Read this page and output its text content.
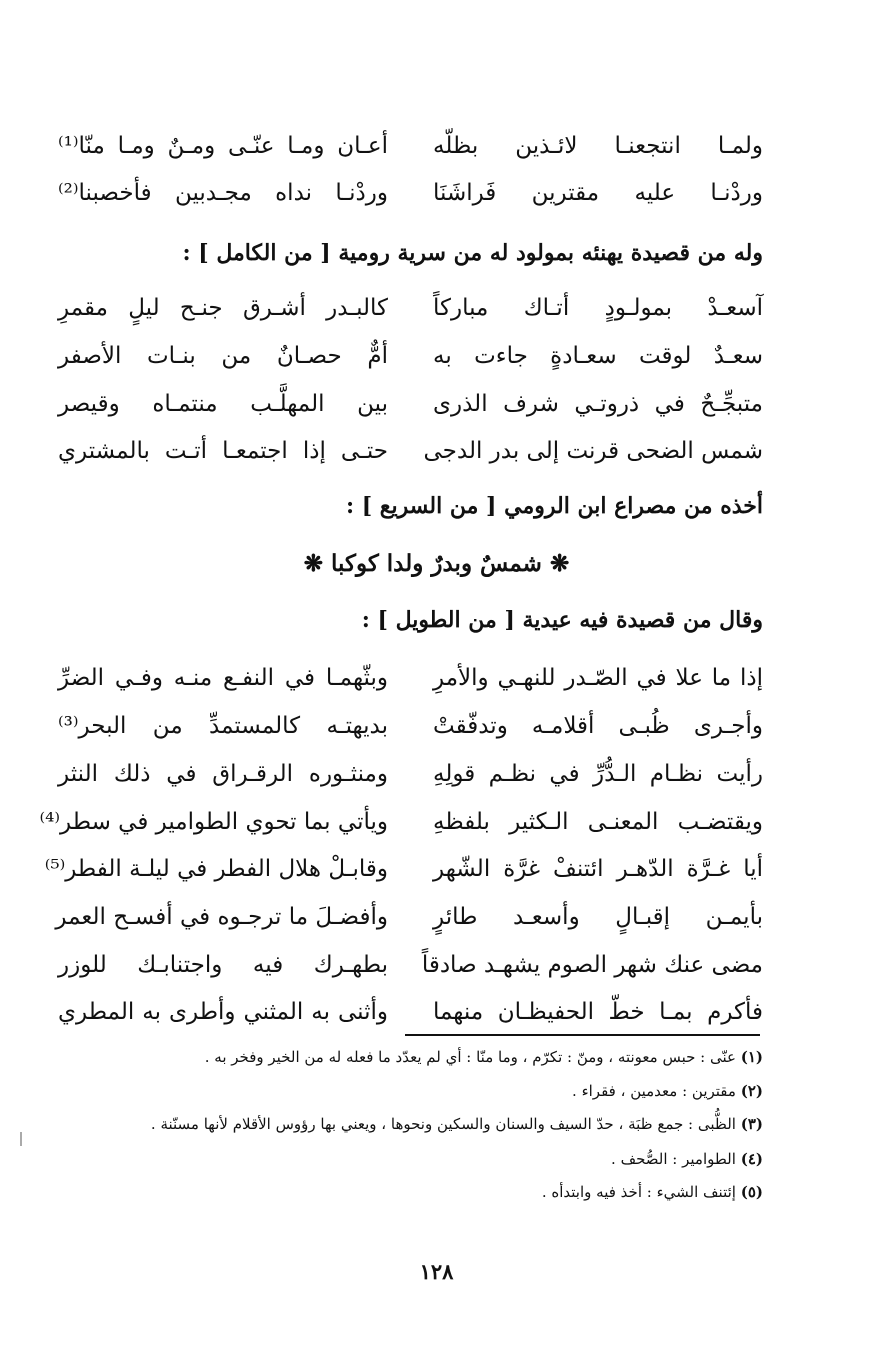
ولمـا انتجعنـا لائـذين بظلّه
أعـان ومـا عنّـى ومـنٌ ومـا منّا⁽¹⁾
وردْنـا عليه مقترين فَراشَنَا
وردْنـا نداه مجـدبين فأخصبنا⁽²⁾
وله من قصيدة يهنئه بمولود له من سرية رومية [ من الكامل ] :
آسعـدْ بمولـودٍ أتـاك مباركاً
كالبـدر أشـرق جنـح ليلٍ مقمرِ
سعـدٌ لوقت سعـادةٍ جاءت به
أمٌّ حصـانٌ من بنـات الأصفر
متبجِّـحٌ في ذروتـي شرف الذرى
بين المهلَّـب منتمـاه وقيصر
شمس الضحى قرنت إلى بدر الدجى
حتـى إذا اجتمعـا أتـت بالمشتري
أخذه من مصراع ابن الرومي [ من السريع ] :
❋ شمسٌ وبدرٌ ولدا كوكبا ❋
وقال من قصيدة فيه عيدية [ من الطويل ] :
إذا ما علا في الصّـدر للنهـي والأمرِ
وبثّهمـا في النفـع منـه وفـي الضرِّ
وأجـرى ظُبـى أقلامـه وتدفّقتْ
بديهتـه كالمستمدِّ من البحر⁽³⁾
رأيت نظـام الـدُّرِّ في نظـم قولِهِ
ومنثـوره الرقـراق في ذلك النثر
ويقتضـب المعنـى الـكثير بلفظهِ
ويأتي بما تحوي الطوامير في سطر⁽⁴⁾
أيا غـرَّة الدّهـر ائتنفْ غرَّة الشّهر
وقابـلْ هلال الفطر في ليلـة الفطر⁽⁵⁾
بأيمـن إقبـالٍ وأسعـد طائرٍ
وأفضـلَ ما ترجـوه في أفسـح العمر
مضى عنك شهر الصوم يشهـد صادقاً
بطهـرك فيه واجتنابـك للوزر
فأكرم بمـا خطّ الحفيظـان منهما
وأثنى به المثني وأطرى به المطري
(١) عنّى : حبس معونته ، ومنّ : تكرّم ، وما منّا : أي لم يعدّد ما فعله له من الخير وفخر به .
(٢) مقترين : معدمين ، فقراء .
(٣) الظُّبى : جمع ظبَة ، حدّ السيف والسنان والسكين ونحوها ، ويعني بها رؤوس الأقلام لأنها مسنّنة .
(٤) الطوامير : الصُّحف .
(٥) إئتنف الشيء : أخذ فيه وابتدأه .
١٢٨
